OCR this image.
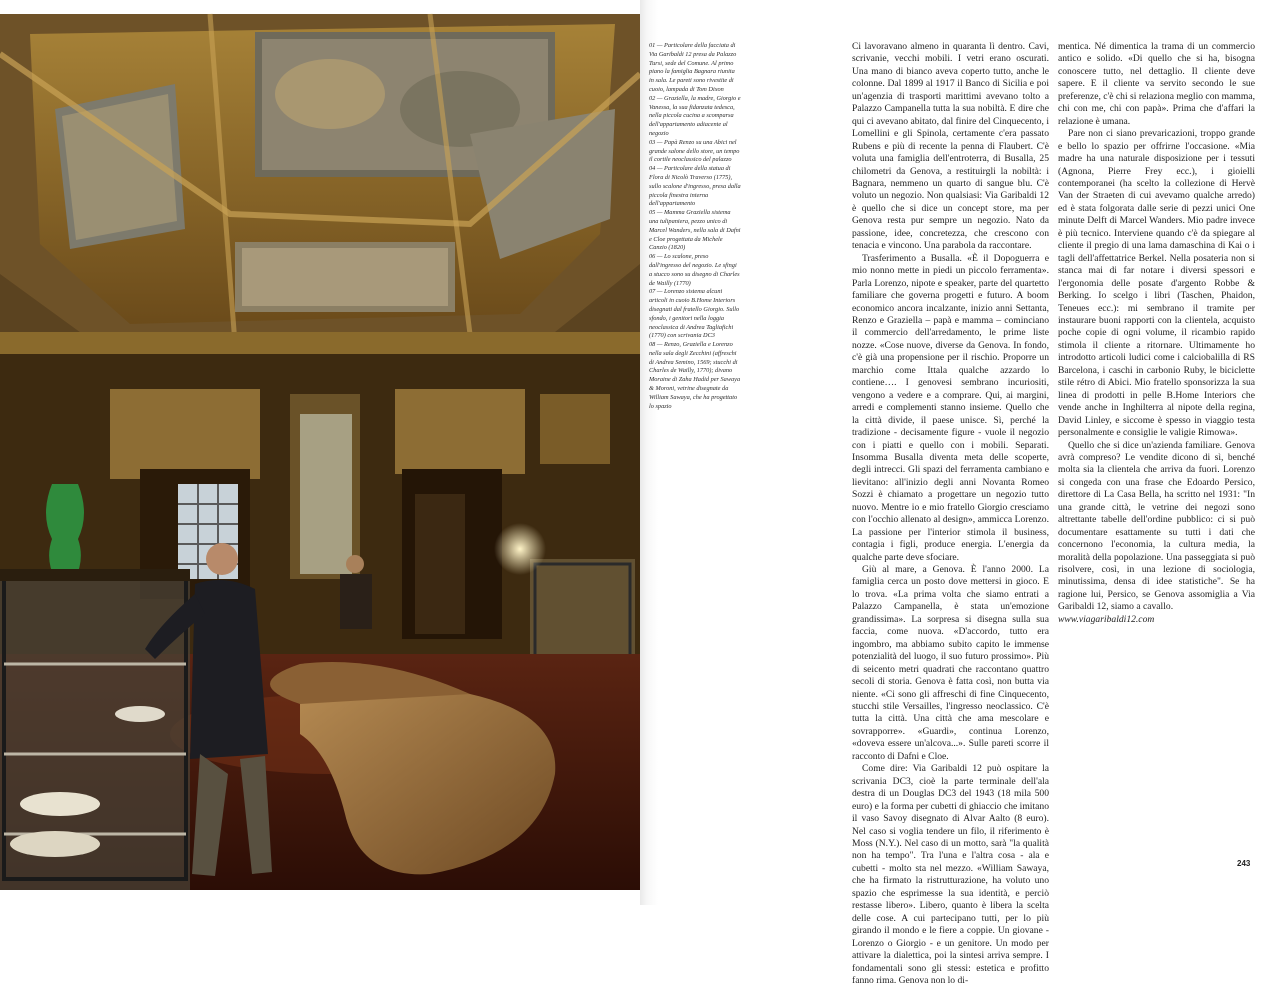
01 — Particolare della facciata di Via Garibaldi 12 presa da Palazzo Tursi, sede del Comune. Al primo piano la famiglia Bagnara riunita in sala. Le pareti sono rivestite di cuoio, lampada di Tom Dixon

02 — Graziella, la madre, Giorgio e Vanessa, la sua fidanzata tedesca, nella piccola cucina a scomparsa dell'appartamento adiacente al negozio

03 — Papà Renzo su una Abici nel grande salone dello store, un tempo il cortile neoclassico del palazzo

04 — Particolare della statua di Flora di Nicolò Traverso (1775), sullo scalone d'ingresso, presa dalla piccola finestra interna dell'appartamento

05 — Mamma Graziella sistema una tulipaniera, pezzo unico di Marcel Wanders, nella sala di Dafni e Cloe progettata da Michele Canzio (1820)

06 — Lo scalone, preso dall'ingresso del negozio. Le sfingi a stucco sono su disegno di Charles de Wailly (1770)

07 — Lorenzo sistema alcuni articoli in cuoio B.Home Interiors disegnati dal fratello Giorgio. Sullo sfondo, i genitori nella loggia neoclassica di Andrea Tagliafichi (1770) con scrivania DC3

08 — Renzo, Graziella e Lorenzo nella sala degli Zecchini (affreschi di Andrea Semino, 1569; stucchi di Charles de Wailly, 1770); divano Moraine di Zaha Hadid per Sawaya & Moroni, vetrine disegnate da William Sawaya, che ha progettato lo spazio

Ci lavoravano almeno in quaranta lì dentro. Cavi, scrivanie, vecchi mobili. I vetri erano oscurati. Una mano di bianco aveva coperto tutto, anche le colonne. Dal 1899 al 1917 il Banco di Sicilia e poi un'agenzia di trasporti marittimi avevano tolto a Palazzo Campanella tutta la sua nobiltà. E dire che qui ci avevano abitato, dal finire del Cinquecento, i Lomellini e gli Spinola, certamente c'era passato Rubens e più di recente la penna di Flaubert. C'è voluta una famiglia dell'entroterra, di Busalla, 25 chilometri da Genova, a restituirgli la nobiltà: i Bagnara, nemmeno un quarto di sangue blu. C'è voluto un negozio. Non qualsiasi: Via Garibaldi 12 è quello che si dice un concept store, ma per Genova resta pur sempre un negozio. Nato da passione, idee, concretezza, che crescono con tenacia e vincono. Una parabola da raccontare.

Trasferimento a Busalla. «È il Dopoguerra e mio nonno mette in piedi un piccolo ferramenta». Parla Lorenzo, nipote e speaker, parte del quartetto familiare che governa progetti e futuro. A boom economico ancora incalzante, inizio anni Settanta, Renzo e Graziella – papà e mamma – cominciano il commercio dell'arredamento, le prime liste nozze. «Cose nuove, diverse da Genova. In fondo, c'è già una propensione per il rischio. Proporre un marchio come Ittala qualche azzardo lo contiene…. I genovesi sembrano incuriositi, vengono a vedere e a comprare. Qui, ai margini, arredi e complementi stanno insieme. Quello che la città divide, il paese unisce. Sì, perché la tradizione - decisamente figure - vuole il negozio con i piatti e quello con i mobili. Separati. Insomma Busalla diventa meta delle scoperte, degli intrecci. Gli spazi del ferramenta cambiano e lievitano: all'inizio degli anni Novanta Romeo Sozzi è chiamato a progettare un negozio tutto nuovo. Mentre io e mio fratello Giorgio cresciamo con l'occhio allenato al design», ammicca Lorenzo. La passione per l'interior stimola il business, contagia i figli, produce energia. L'energia da qualche parte deve sfociare.

Giù al mare, a Genova. È l'anno 2000. La famiglia cerca un posto dove mettersi in gioco. E lo trova. «La prima volta che siamo entrati a Palazzo Campanella, è stata un'emozione grandissima». La sorpresa si disegna sulla sua faccia, come nuova. «D'accordo, tutto era ingombro, ma abbiamo subito capito le immense potenzialità del luogo, il suo futuro prossimo». Più di seicento metri quadrati che raccontano quattro secoli di storia. Genova è fatta così, non butta via niente. «Ci sono gli affreschi di fine Cinquecento, stucchi stile Versailles, l'ingresso neoclassico. C'è tutta la città. Una città che ama mescolare e sovrapporre». «Guardi», continua Lorenzo, «doveva essere un'alcova...». Sulle pareti scorre il racconto di Dafni e Cloe.

Come dire: Via Garibaldi 12 può ospitare la scrivania DC3, cioè la parte terminale dell'ala destra di un Douglas DC3 del 1943 (18 mila 500 euro) e la forma per cubetti di ghiaccio che imitano il vaso Savoy disegnato di Alvar Aalto (8 euro). Nel caso si voglia tendere un filo, il riferimento è Moss (N.Y.). Nel caso di un motto, sarà "la qualità non ha tempo". Tra l'una e l'altra cosa - ala e cubetti - molto sta nel mezzo. «William Sawaya, che ha firmato la ristrutturazione, ha voluto uno spazio che esprimesse la sua identità, e perciò restasse libero». Libero, quanto è libera la scelta delle cose. A cui partecipano tutti, per lo più girando il mondo e le fiere a coppie. Un giovane - Lorenzo o Giorgio - e un genitore. Un modo per attivare la dialettica, poi la sintesi arriva sempre. I fondamentali sono gli stessi: estetica e profitto fanno rima. Genova non lo di-

mentica. Né dimentica la trama di un commercio antico e solido. «Di quello che si ha, bisogna conoscere tutto, nel dettaglio. Il cliente deve sapere. E il cliente va servito secondo le sue preferenze, c'è chi si relaziona meglio con mamma, chi con me, chi con papà». Prima che d'affari la relazione è umana.

Pare non ci siano prevaricazioni, troppo grande e bello lo spazio per offrirne l'occasione. «Mia madre ha una naturale disposizione per i tessuti (Agnona, Pierre Frey ecc.), i gioielli contemporanei (ha scelto la collezione di Hervè Van der Straeten di cui avevamo qualche arredo) ed è stata folgorata dalle serie di pezzi unici One minute Delft di Marcel Wanders. Mio padre invece è più tecnico. Interviene quando c'è da spiegare al cliente il pregio di una lama damaschina di Kai o i tagli dell'affettatrice Berkel. Nella posateria non si stanca mai di far notare i diversi spessori e l'ergonomia delle posate d'argento Robbe & Berking. Io scelgo i libri (Taschen, Phaidon, Teneues ecc.): mi sembrano il tramite per instaurare buoni rapporti con la clientela, acquisto poche copie di ogni volume, il ricambio rapido stimola il cliente a ritornare. Ultimamente ho introdotto articoli ludici come i calciobalilla di RS Barcelona, i caschi in carbonio Ruby, le biciclette stile rétro di Abici. Mio fratello sponsorizza la sua linea di prodotti in pelle B.Home Interiors che vende anche in Inghilterra al nipote della regina, David Linley, e siccome è spesso in viaggio testa personalmente e consiglie le valigie Rimowa».

Quello che si dice un'azienda familiare. Genova avrà compreso? Le vendite dicono di sì, benché molta sia la clientela che arriva da fuori. Lorenzo si congeda con una frase che Edoardo Persico, direttore di La Casa Bella, ha scritto nel 1931: "In una grande città, le vetrine dei negozi sono altrettante tabelle dell'ordine pubblico: ci si può documentare esattamente su tutti i dati che concernono l'economia, la cultura media, la moralità della popolazione. Una passeggiata si può risolvere, così, in una lezione di sociologia, minutissima, densa di idee statistiche". Se ha ragione lui, Persico, se Genova assomiglia a Via Garibaldi 12, siamo a cavallo.

www.viagaribaldi12.com

243
